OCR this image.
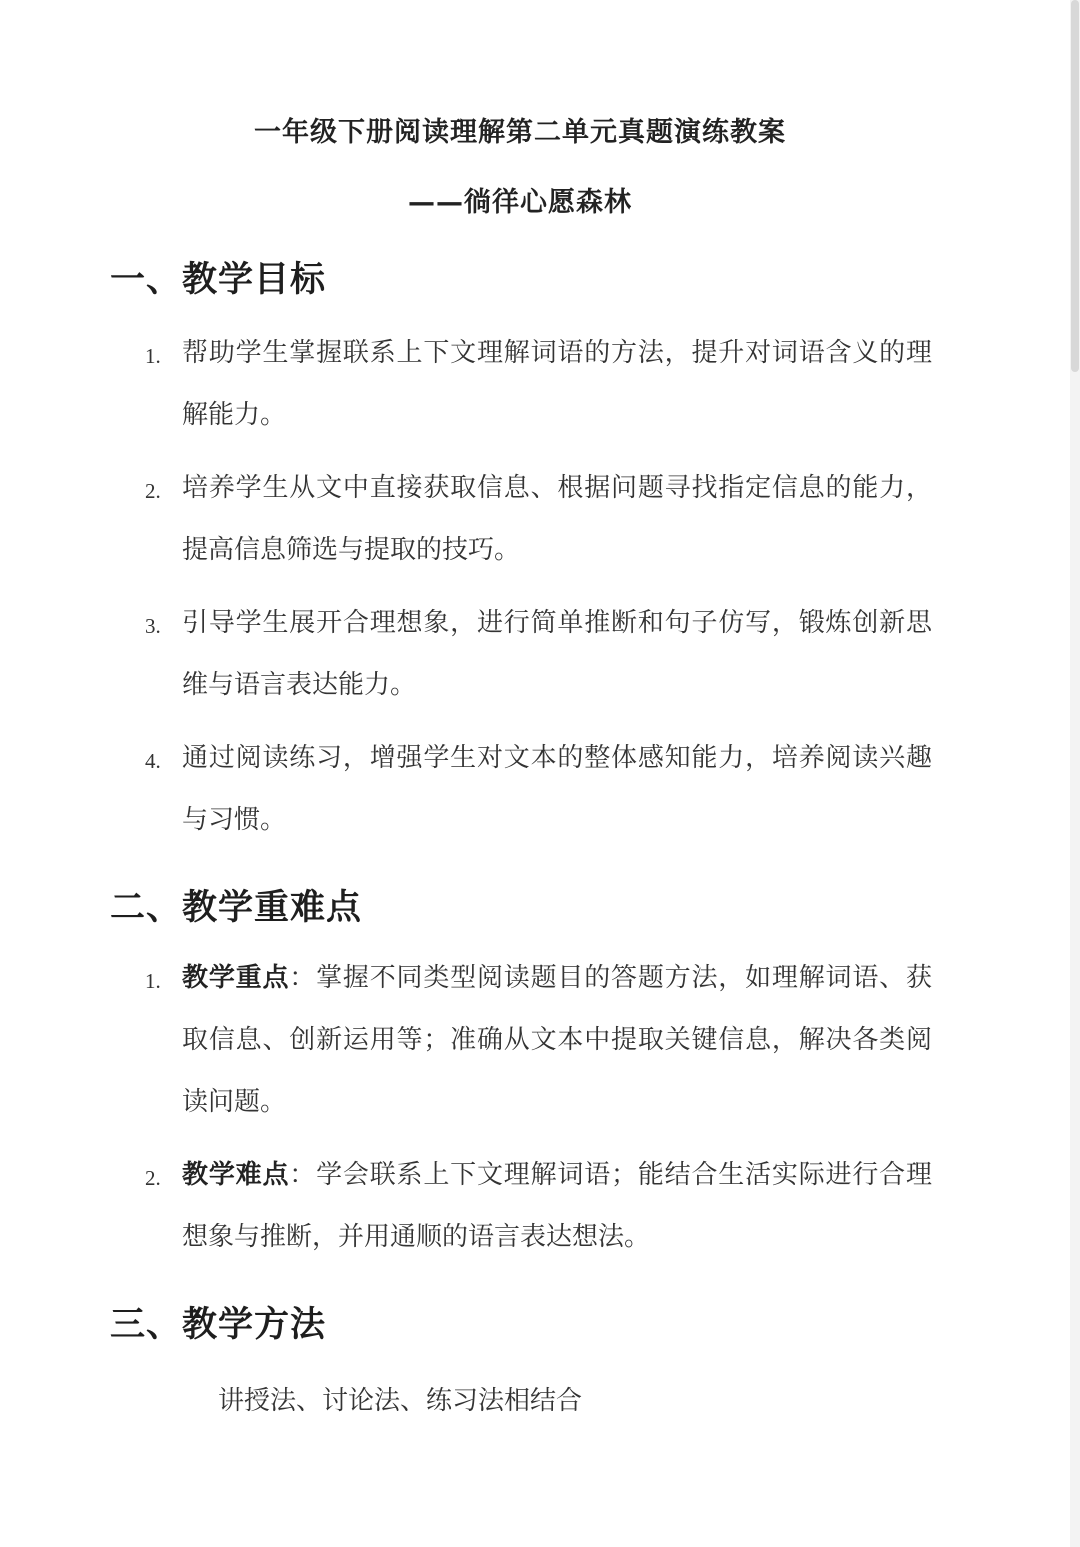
一年级下册阅读理解第二单元真题演练教案
——徜徉心愿森林
一、教学目标
1. 帮助学生掌握联系上下文理解词语的方法，提升对词语含义的理解能力。
2. 培养学生从文中直接获取信息、根据问题寻找指定信息的能力，提高信息筛选与提取的技巧。
3. 引导学生展开合理想象，进行简单推断和句子仿写，锻炼创新思维与语言表达能力。
4. 通过阅读练习，增强学生对文本的整体感知能力，培养阅读兴趣与习惯。
二、教学重难点
1. 教学重点：掌握不同类型阅读题目的答题方法，如理解词语、获取信息、创新运用等；准确从文本中提取关键信息，解决各类阅读问题。
2. 教学难点：学会联系上下文理解词语；能结合生活实际进行合理想象与推断，并用通顺的语言表达想法。
三、教学方法
讲授法、讨论法、练习法相结合
